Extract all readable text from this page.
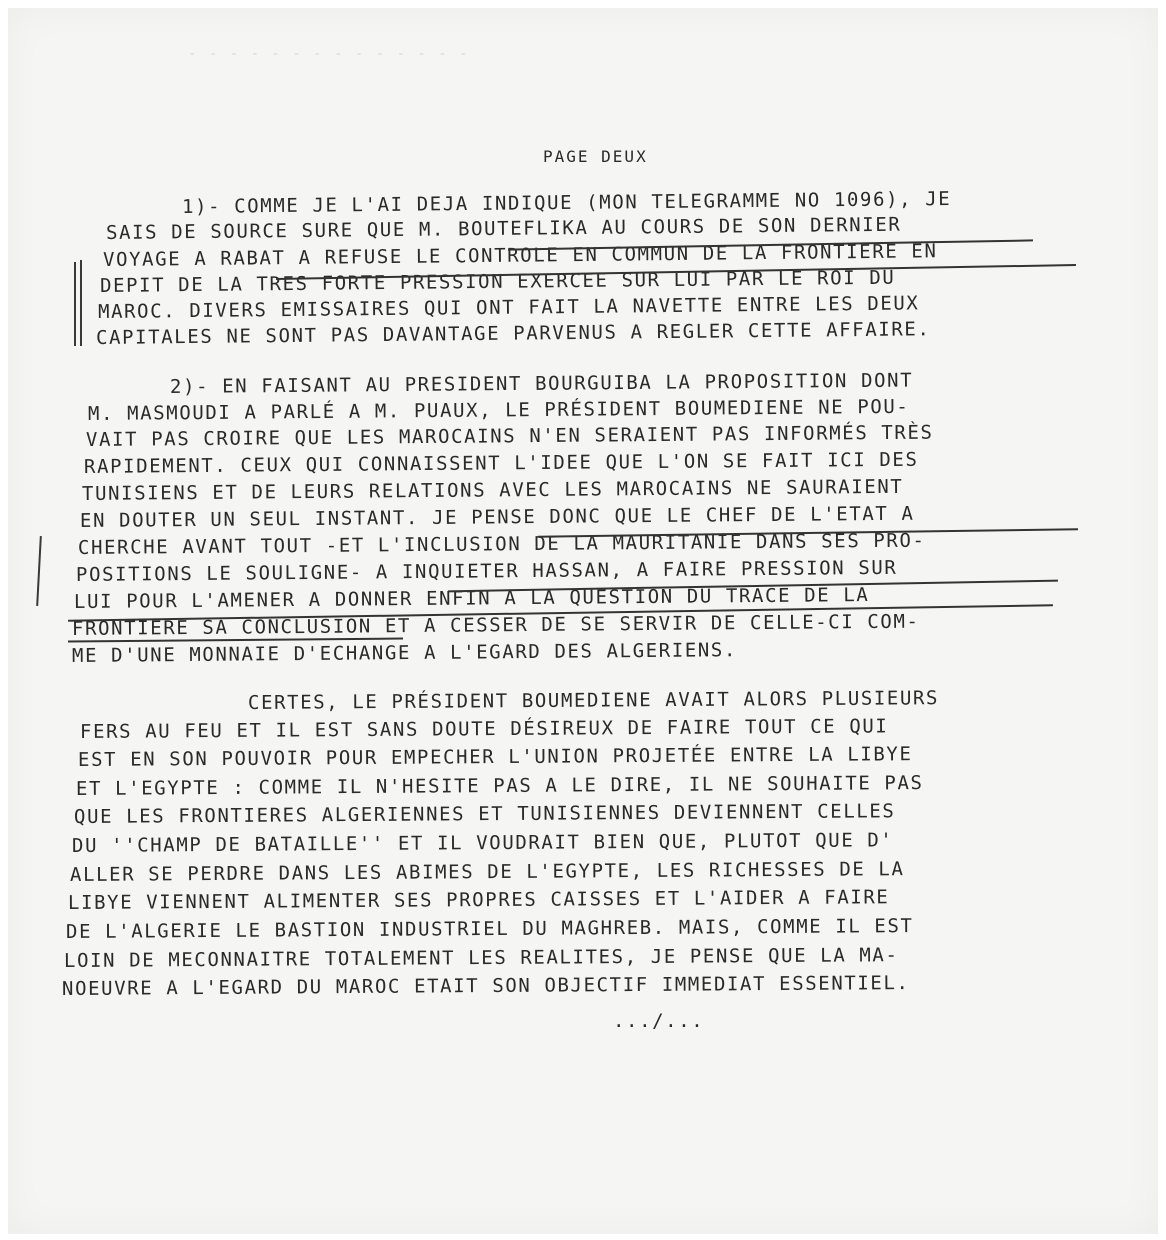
- - - - - - - - - - - - - -
PAGE DEUX
1)- COMME JE L'AI DEJA INDIQUE (MON TELEGRAMME NO 1096), JE
SAIS DE SOURCE SURE QUE M. BOUTEFLIKA AU COURS DE SON DERNIER
VOYAGE A RABAT A REFUSE LE CONTROLE EN COMMUN DE LA FRONTIERE EN
DEPIT DE LA TRES FORTE PRESSION EXERCEE SUR LUI PAR LE ROI DU
MAROC. DIVERS EMISSAIRES QUI ONT FAIT LA NAVETTE ENTRE LES DEUX
CAPITALES NE SONT PAS DAVANTAGE PARVENUS A REGLER CETTE AFFAIRE.
2)- EN FAISANT AU PRESIDENT BOURGUIBA LA PROPOSITION DONT
M. MASMOUDI A PARLÉ A M. PUAUX, LE PRÉSIDENT BOUMEDIENE NE POU-
VAIT PAS CROIRE QUE LES MAROCAINS N'EN SERAIENT PAS INFORMÉS TRÈS
RAPIDEMENT. CEUX QUI CONNAISSENT L'IDEE QUE L'ON SE FAIT ICI DES
TUNISIENS ET DE LEURS RELATIONS AVEC LES MAROCAINS NE SAURAIENT
EN DOUTER UN SEUL INSTANT. JE PENSE DONC QUE LE CHEF DE L'ETAT A
CHERCHE AVANT TOUT -ET L'INCLUSION DE LA MAURITANIE DANS SES PRO-
POSITIONS LE SOULIGNE- A INQUIETER HASSAN, A FAIRE PRESSION SUR
LUI POUR L'AMENER A DONNER ENFIN A LA QUESTION DU TRACE DE LA
FRONTIERE SA CONCLUSION ET A CESSER DE SE SERVIR DE CELLE-CI COM-
ME D'UNE MONNAIE D'ECHANGE A L'EGARD DES ALGERIENS.
CERTES, LE PRÉSIDENT BOUMEDIENE AVAIT ALORS PLUSIEURS
FERS AU FEU ET IL EST SANS DOUTE DÉSIREUX DE FAIRE TOUT CE QUI
EST EN SON POUVOIR POUR EMPECHER L'UNION PROJETÉE ENTRE LA LIBYE
ET L'EGYPTE : COMME IL N'HESITE PAS A LE DIRE, IL NE SOUHAITE PAS
QUE LES FRONTIERES ALGERIENNES ET TUNISIENNES DEVIENNENT CELLES
DU ''CHAMP DE BATAILLE'' ET IL VOUDRAIT BIEN QUE, PLUTOT QUE D'
ALLER SE PERDRE DANS LES ABIMES DE L'EGYPTE, LES RICHESSES DE LA
LIBYE VIENNENT ALIMENTER SES PROPRES CAISSES ET L'AIDER A FAIRE
DE L'ALGERIE LE BASTION INDUSTRIEL DU MAGHREB. MAIS, COMME IL EST
LOIN DE MECONNAITRE TOTALEMENT LES REALITES, JE PENSE QUE LA MA-
NOEUVRE A L'EGARD DU MAROC ETAIT SON OBJECTIF IMMEDIAT ESSENTIEL.
.../...
